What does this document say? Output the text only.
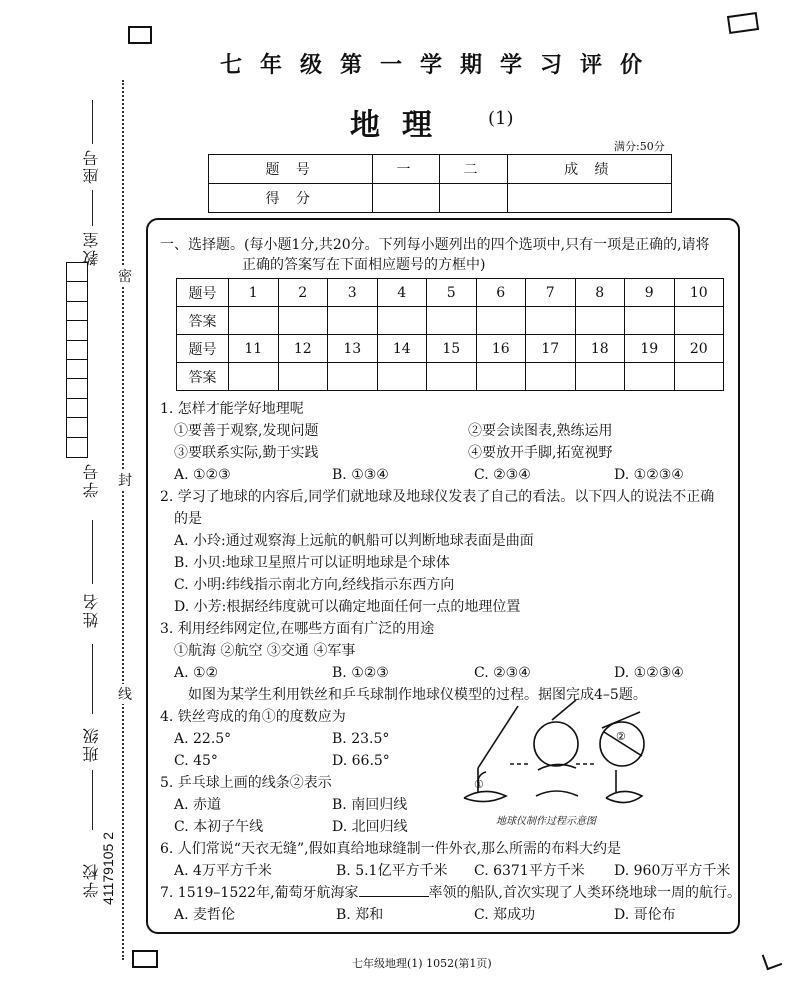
密
封
线
座号
教室
学号
姓名
班级
学校 41179105 2
七年级第一学期学习评价
地理 (1)
满分:50分
题 号	一	二	成 绩
得 分			
一、选择题。(每小题1分,共20分。下列每小题列出的四个选项中,只有一项是正确的,请将
正确的答案写在下面相应题号的方框中)
题号	1	2	3	4	5	6	7	8	9	10
答案										
题号	11	12	13	14	15	16	17	18	19	20
答案										
1. 怎样才能学好地理呢
①要善于观察,发现问题	②要会读图表,熟练运用
③要联系实际,勤于实践	④要放开手脚,拓宽视野
A. ①②③	B. ①③④	C. ②③④	D. ①②③④
2. 学习了地球的内容后,同学们就地球及地球仪发表了自己的看法。以下四人的说法不正确
的是
A. 小玲:通过观察海上远航的帆船可以判断地球表面是曲面
B. 小贝:地球卫星照片可以证明地球是个球体
C. 小明:纬线指示南北方向,经线指示东西方向
D. 小芳:根据经纬度就可以确定地面任何一点的地理位置
3. 利用经纬网定位,在哪些方面有广泛的用途
①航海 ②航空 ③交通 ④军事
A. ①②	B. ①②③	C. ②③④	D. ①②③④
如图为某学生利用铁丝和乒乓球制作地球仪模型的过程。据图完成4–5题。
4. 铁丝弯成的角①的度数应为
A. 22.5°	B. 23.5°
C. 45°	D. 66.5°
5. 乒乓球上画的线条②表示
A. 赤道	B. 南回归线
C. 本初子午线	D. 北回归线
①
②
地球仪制作过程示意图
6. 人们常说“天衣无缝”,假如真给地球缝制一件外衣,那么所需的布料大约是
A. 4万平方千米	B. 5.1亿平方千米 C. 6371平方千米 D. 960万平方千米
7. 1519–1522年,葡萄牙航海家	率领的船队,首次实现了人类环绕地球一周的航行。
A. 麦哲伦	B. 郑和	C. 郑成功	D. 哥伦布
七年级地理(1) 1052(第1页)
